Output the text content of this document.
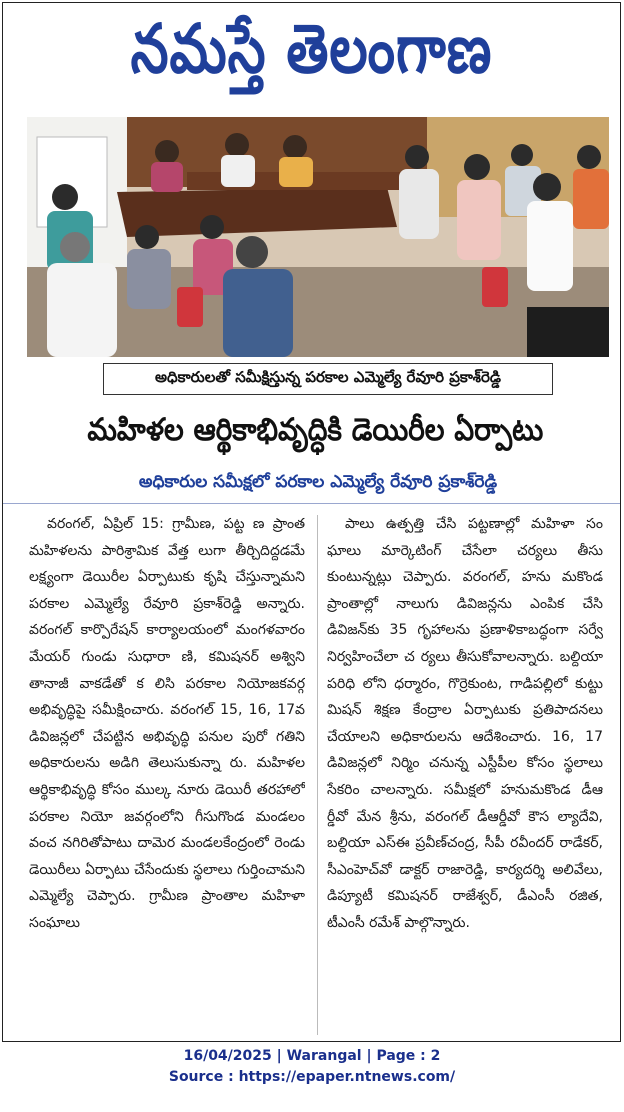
నమస్తే తెలంగాణ
అధికారులతో సమీక్షిస్తున్న పరకాల ఎమ్మెల్యే రేవూరి ప్రకాశ్‌రెడ్డి
మహిళల ఆర్థికాభివృద్ధికి డెయిరీల ఏర్పాటు
అధికారుల సమీక్షలో పరకాల ఎమ్మెల్యే రేవూరి ప్రకాశ్‌రెడ్డి

వరంగల్‌, ఏప్రిల్‌ 15: గ్రామీణ, పట్ట ణ ప్రాంత మహిళలను పారిశ్రామిక వేత్త లుగా తీర్చిదిద్దడమే లక్ష్యంగా డెయిరీల ఏర్పాటుకు కృషి చేస్తున్నామని పరకాల ఎమ్మెల్యే రేవూరి ప్రకాశ్‌రెడ్డి అన్నారు. వరంగల్‌ కార్పొరేషన్‌ కార్యాలయంలో మంగళవారం మేయర్‌ గుండు సుధారా ణి, కమిషనర్‌ అశ్విని తానాజీ వాకడేతో క లిసి పరకాల నియోజకవర్గ అభివృద్ధిపై సమీక్షించారు. వరంగల్‌ 15, 16, 17వ డివిజన్లలో చేపట్టిన అభివృద్ధి పనుల పురో గతిని అధికారులను అడిగి తెలుసుకున్నా రు. మహిళల ఆర్థికాభివృద్ధి కోసం ముల్క నూరు డెయిరీ తరహాలో పరకాల నియో జవర్గంలోని గీసుగొండ మండలం వంచ నగిరితోపాటు దామెర మండలకేంద్రంలో రెండు డెయిరీలు ఏర్పాటు చేసేందుకు స్థలాలు గుర్తించామని ఎమ్మెల్యే చెప్పారు. గ్రామీణ ప్రాంతాల మహిళా సంఘాలు

పాలు ఉత్పత్తి చేసి పట్టణాల్లో మహిళా సం ఘాలు మార్కెటింగ్‌ చేసేలా చర్యలు తీసు కుంటున్నట్లు చెప్పారు. వరంగల్‌, హను మకొండ ప్రాంతాల్లో నాలుగు డివిజన్లను ఎంపిక చేసి డివిజన్‌కు 35 గృహాలను ప్రణాళికాబద్ధంగా సర్వే నిర్వహించేలా చ ర్యలు తీసుకోవాలన్నారు. బల్దియా పరిధి లోని ధర్మారం, గొర్రెకుంట, గాడిపల్లిలో కుట్టు మిషన్‌ శిక్షణ కేంద్రాల ఏర్పాటుకు ప్రతిపాదనలు చేయాలని అధికారులను ఆదేశించారు. 16, 17 డివిజన్లలో నిర్మిం చనున్న ఎస్టీపీల కోసం స్థలాలు సేకరిం చాలన్నారు. సమీక్షలో హనుమకొండ డీఆ ర్డీవో మేన శ్రీను, వరంగల్‌ డీఆర్డీవో కౌస ల్యాదేవి, బల్దియా ఎస్‌ఈ ప్రవీణ్‌చంద్ర, సీపీ రవీందర్‌ రాడేకర్‌, సీఎంహెచ్‌వో డాక్టర్‌ రాజారెడ్డి, కార్యదర్శి అలివేలు, డిప్యూటీ కమిషనర్‌ రాజేశ్వర్‌, డీఎంసీ రజిత, టీఎంసీ రమేశ్‌ పాల్గొన్నారు.

16/04/2025 | Warangal | Page : 2
Source : https://epaper.ntnews.com/
